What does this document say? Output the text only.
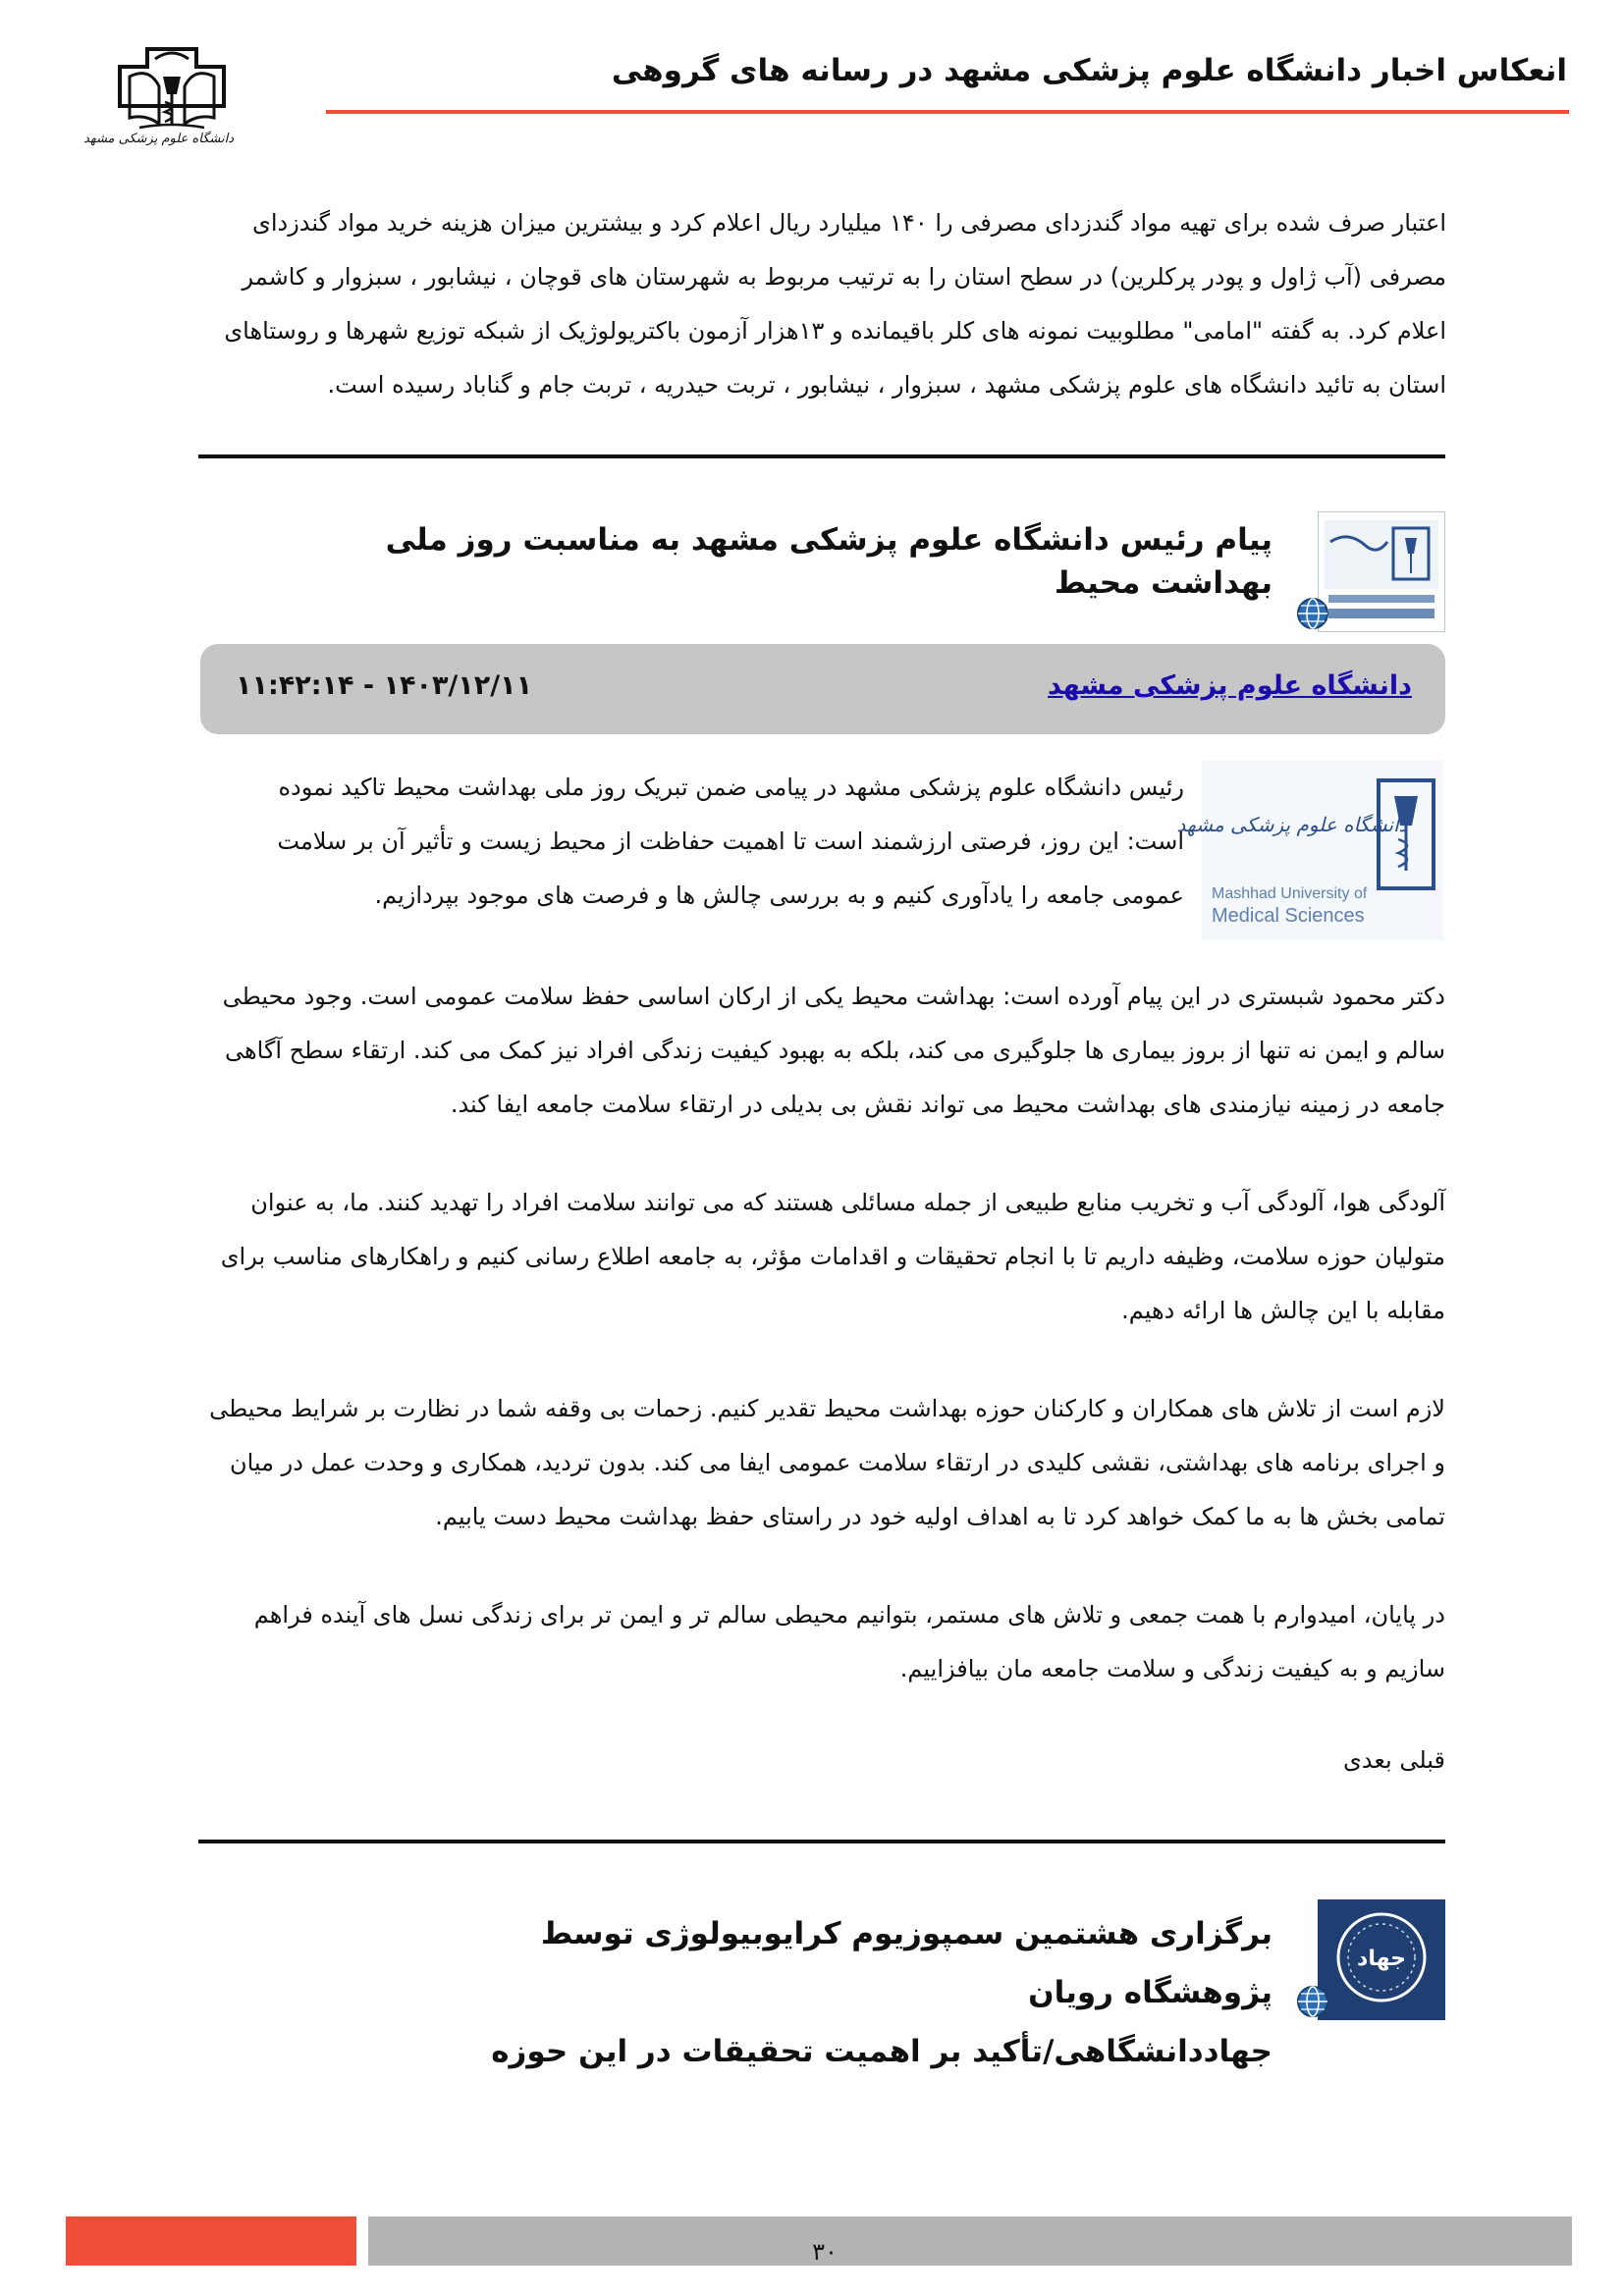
دانشگاه علوم پزشکی مشهد
انعکاس اخبار دانشگاه علوم پزشکی مشهد در رسانه های گروهی

اعتبار صرف شده برای تهیه مواد گندزدای مصرفی را ۱۴۰ میلیارد ریال اعلام کرد و بیشترین میزان هزینه خرید مواد گندزدای مصرفی (آب ژاول و پودر پرکلرین) در سطح استان را به ترتیب مربوط به شهرستان های قوچان ، نیشابور ، سبزوار و کاشمر اعلام کرد. به گفته "امامی" مطلوبیت نمونه های کلر باقیمانده و ۱۳هزار آزمون باکتریولوژیک از شبکه توزیع شهرها و روستاهای استان به تائید دانشگاه های علوم پزشکی مشهد ، سبزوار ، نیشابور ، تربت حیدریه ، تربت جام و گناباد رسیده است.

پیام رئیس دانشگاه علوم پزشکی مشهد به مناسبت روز ملی بهداشت محیط
دانشگاه علوم پزشکی مشهد
۱۴۰۳/۱۲/۱۱ - ۱۱:۴۲:۱۴
دانشگاه علوم پزشکی مشهد
Mashhad University of
Medical Sciences

رئیس دانشگاه علوم پزشکی مشهد در پیامی ضمن تبریک روز ملی بهداشت محیط تاکید نموده است: این روز، فرصتی ارزشمند است تا اهمیت حفاظت از محیط زیست و تأثیر آن بر سلامت عمومی جامعه را یادآوری کنیم و به بررسی چالش ها و فرصت های موجود بپردازیم.

دکتر محمود شبستری در این پیام آورده است: بهداشت محیط یکی از ارکان اساسی حفظ سلامت عمومی است. وجود محیطی سالم و ایمن نه تنها از بروز بیماری ها جلوگیری می کند، بلکه به بهبود کیفیت زندگی افراد نیز کمک می کند. ارتقاء سطح آگاهی جامعه در زمینه نیازمندی های بهداشت محیط می تواند نقش بی بدیلی در ارتقاء سلامت جامعه ایفا کند.

آلودگی هوا، آلودگی آب و تخریب منابع طبیعی از جمله مسائلی هستند که می توانند سلامت افراد را تهدید کنند. ما، به عنوان متولیان حوزه سلامت، وظیفه داریم تا با انجام تحقیقات و اقدامات مؤثر، به جامعه اطلاع رسانی کنیم و راهکارهای مناسب برای مقابله با این چالش ها ارائه دهیم.

لازم است از تلاش های همکاران و کارکنان حوزه بهداشت محیط تقدیر کنیم. زحمات بی وقفه شما در نظارت بر شرایط محیطی و اجرای برنامه های بهداشتی، نقشی کلیدی در ارتقاء سلامت عمومی ایفا می کند. بدون تردید، همکاری و وحدت عمل در میان تمامی بخش ها به ما کمک خواهد کرد تا به اهداف اولیه خود در راستای حفظ بهداشت محیط دست یابیم.

در پایان، امیدوارم با همت جمعی و تلاش های مستمر، بتوانیم محیطی سالم تر و ایمن تر برای زندگی نسل های آینده فراهم سازیم و به کیفیت زندگی و سلامت جامعه مان بیافزاییم.

قبلی بعدی
جهاد
برگزاری هشتمین سمپوزیوم کرایوبیولوژی توسط پژوهشگاه رویان
جهاددانشگاهی/تأکید بر اهمیت تحقیقات در این حوزه
۳۰
